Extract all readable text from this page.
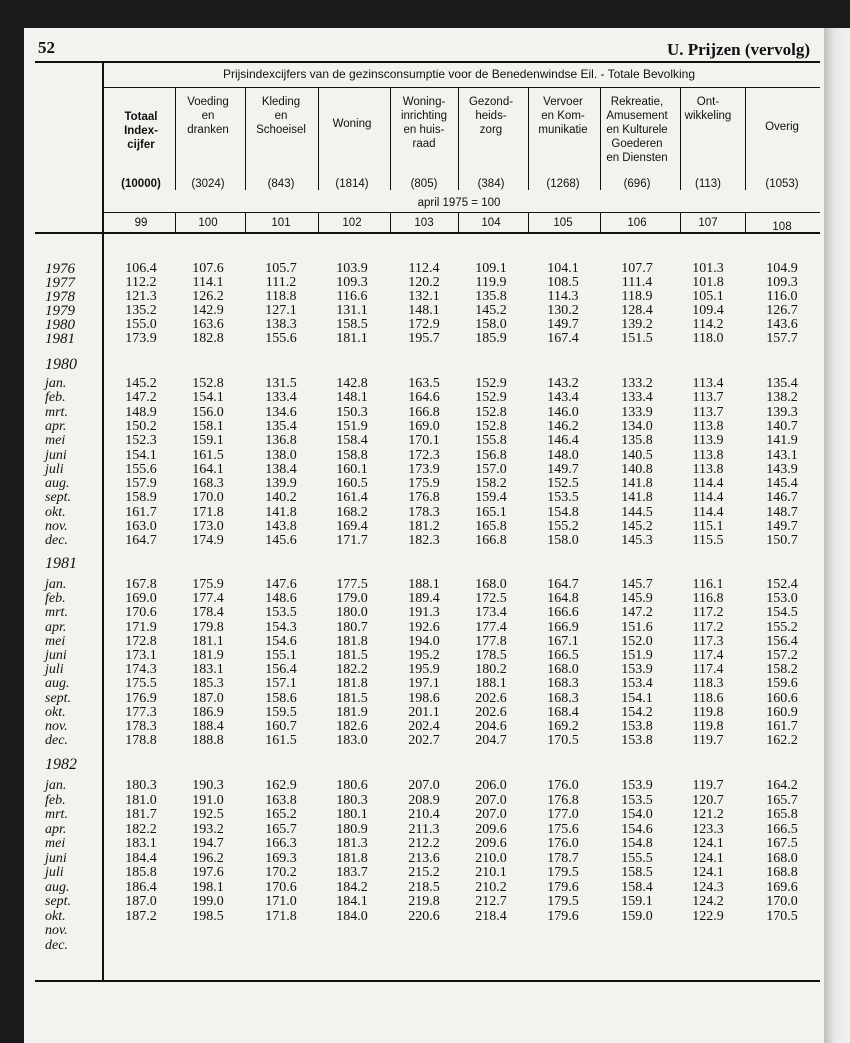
52	U. Prijzen (vervolg)
Prijsindexcijfers van de gezinsconsumptie voor de Benedenwindse Eil. - Totale Bevolking
april 1975 = 100
Totaal
Index-
cijfer
(10000)
99
Voeding
en
dranken
(3024)
100
Kleding
en
Schoeisel
(843)
101
Woning
(1814)
102
Woning-
inrichting
en huis-
raad
(805)
103
Gezond-
heids-
zorg
(384)
104
Vervoer
en Kom-
munikatie
(1268)
105
Rekreatie,
Amusement
en Kulturele
Goederen
en Diensten
(696)
106
Ont-
wikkeling
(113)
107
Overig
(1053)
108
1976	106.4	107.6	105.7	103.9	112.4	109.1	104.1	107.7	101.3	104.9
1977	112.2	114.1	111.2	109.3	120.2	119.9	108.5	111.4	101.8	109.3
1978	121.3	126.2	118.8	116.6	132.1	135.8	114.3	118.9	105.1	116.0
1979	135.2	142.9	127.1	131.1	148.1	145.2	130.2	128.4	109.4	126.7
1980	155.0	163.6	138.3	158.5	172.9	158.0	149.7	139.2	114.2	143.6
1981	173.9	182.8	155.6	181.1	195.7	185.9	167.4	151.5	118.0	157.7
1980
jan.	145.2	152.8	131.5	142.8	163.5	152.9	143.2	133.2	113.4	135.4
feb.	147.2	154.1	133.4	148.1	164.6	152.9	143.4	133.4	113.7	138.2
mrt.	148.9	156.0	134.6	150.3	166.8	152.8	146.0	133.9	113.7	139.3
apr.	150.2	158.1	135.4	151.9	169.0	152.8	146.2	134.0	113.8	140.7
mei	152.3	159.1	136.8	158.4	170.1	155.8	146.4	135.8	113.9	141.9
juni	154.1	161.5	138.0	158.8	172.3	156.8	148.0	140.5	113.8	143.1
juli	155.6	164.1	138.4	160.1	173.9	157.0	149.7	140.8	113.8	143.9
aug.	157.9	168.3	139.9	160.5	175.9	158.2	152.5	141.8	114.4	145.4
sept.	158.9	170.0	140.2	161.4	176.8	159.4	153.5	141.8	114.4	146.7
okt.	161.7	171.8	141.8	168.2	178.3	165.1	154.8	144.5	114.4	148.7
nov.	163.0	173.0	143.8	169.4	181.2	165.8	155.2	145.2	115.1	149.7
dec.	164.7	174.9	145.6	171.7	182.3	166.8	158.0	145.3	115.5	150.7
1981
jan.	167.8	175.9	147.6	177.5	188.1	168.0	164.7	145.7	116.1	152.4
feb.	169.0	177.4	148.6	179.0	189.4	172.5	164.8	145.9	116.8	153.0
mrt.	170.6	178.4	153.5	180.0	191.3	173.4	166.6	147.2	117.2	154.5
apr.	171.9	179.8	154.3	180.7	192.6	177.4	166.9	151.6	117.2	155.2
mei	172.8	181.1	154.6	181.8	194.0	177.8	167.1	152.0	117.3	156.4
juni	173.1	181.9	155.1	181.5	195.2	178.5	166.5	151.9	117.4	157.2
juli	174.3	183.1	156.4	182.2	195.9	180.2	168.0	153.9	117.4	158.2
aug.	175.5	185.3	157.1	181.8	197.1	188.1	168.3	153.4	118.3	159.6
sept.	176.9	187.0	158.6	181.5	198.6	202.6	168.3	154.1	118.6	160.6
okt.	177.3	186.9	159.5	181.9	201.1	202.6	168.4	154.2	119.8	160.9
nov.	178.3	188.4	160.7	182.6	202.4	204.6	169.2	153.8	119.8	161.7
dec.	178.8	188.8	161.5	183.0	202.7	204.7	170.5	153.8	119.7	162.2
1982
jan.	180.3	190.3	162.9	180.6	207.0	206.0	176.0	153.9	119.7	164.2
feb.	181.0	191.0	163.8	180.3	208.9	207.0	176.8	153.5	120.7	165.7
mrt.	181.7	192.5	165.2	180.1	210.4	207.0	177.0	154.0	121.2	165.8
apr.	182.2	193.2	165.7	180.9	211.3	209.6	175.6	154.6	123.3	166.5
mei	183.1	194.7	166.3	181.3	212.2	209.6	176.0	154.8	124.1	167.5
juni	184.4	196.2	169.3	181.8	213.6	210.0	178.7	155.5	124.1	168.0
juli	185.8	197.6	170.2	183.7	215.2	210.1	179.5	158.5	124.1	168.8
aug.	186.4	198.1	170.6	184.2	218.5	210.2	179.6	158.4	124.3	169.6
sept.	187.0	199.0	171.0	184.1	219.8	212.7	179.5	159.1	124.2	170.0
okt.	187.2	198.5	171.8	184.0	220.6	218.4	179.6	159.0	122.9	170.5
nov.
dec.
